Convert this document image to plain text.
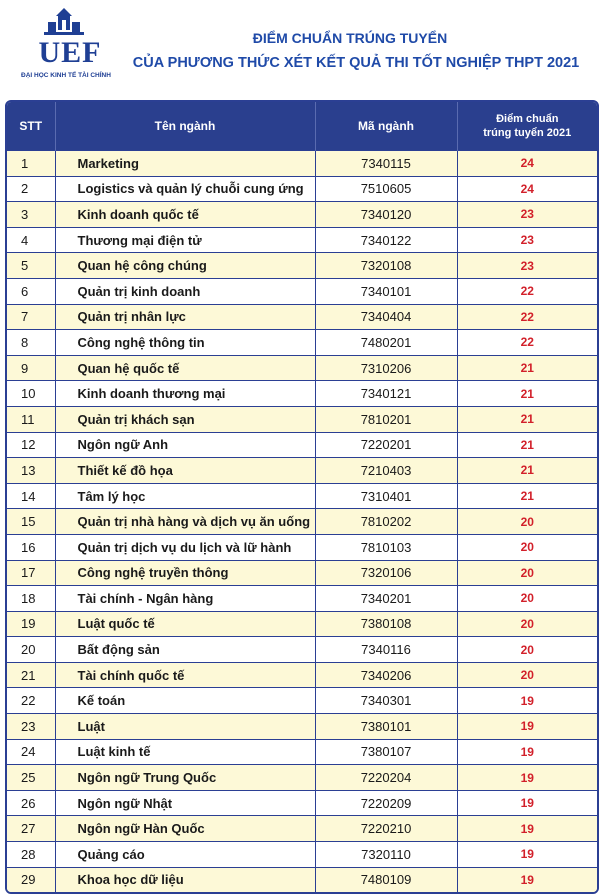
UEF
ĐẠI HỌC KINH TẾ TÀI CHÍNH
ĐIỂM CHUẨN TRÚNG TUYỂN
CỦA PHƯƠNG THỨC XÉT KẾT QUẢ THI TỐT NGHIỆP THPT 2021
STT	Tên ngành	Mã ngành	Điểm chuẩn
trúng tuyển 2021

1	Marketing	7340115	24
2	Logistics và quản lý chuỗi cung ứng	7510605	24
3	Kinh doanh quốc tế	7340120	23
4	Thương mại điện tử	7340122	23
5	Quan hệ công chúng	7320108	23
6	Quản trị kinh doanh	7340101	22
7	Quản trị nhân lực	7340404	22
8	Công nghệ thông tin	7480201	22
9	Quan hệ quốc tế	7310206	21
10	Kinh doanh thương mại	7340121	21
11	Quản trị khách sạn	7810201	21
12	Ngôn ngữ Anh	7220201	21
13	Thiết kế đồ họa	7210403	21
14	Tâm lý học	7310401	21
15	Quản trị nhà hàng và dịch vụ ăn uống	7810202	20
16	Quản trị dịch vụ du lịch và lữ hành	7810103	20
17	Công nghệ truyền thông	7320106	20
18	Tài chính - Ngân hàng	7340201	20
19	Luật quốc tế	7380108	20
20	Bất động sản	7340116	20
21	Tài chính quốc tế	7340206	20
22	Kế toán	7340301	19
23	Luật	7380101	19
24	Luật kinh tế	7380107	19
25	Ngôn ngữ Trung Quốc	7220204	19
26	Ngôn ngữ Nhật	7220209	19
27	Ngôn ngữ Hàn Quốc	7220210	19
28	Quảng cáo	7320110	19
29	Khoa học dữ liệu	7480109	19
